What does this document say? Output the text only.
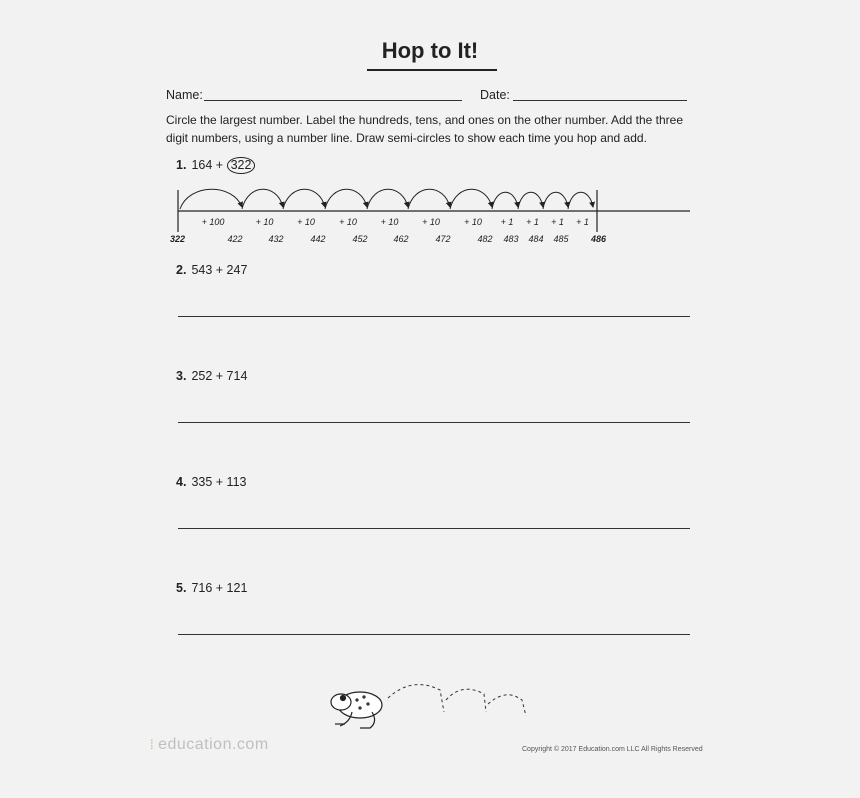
Hop to It!
Name:	Date:
Circle the largest number. Label the hundreds, tens, and ones on the other number. Add the three digit numbers, using a number line. Draw semi-circles to show each time you hop and add.
1. 164 + 322
+ 100	+ 10	+ 10	+ 10	+ 10	+ 10	+ 10 + 1 + 1 + 1 + 1
422	432	442	452	462	472	482 483 484 485
322	486
2. 543 + 247
3. 252 + 714
4. 335 + 113
5. 716 + 121
⁞ education.com	Copyright © 2017 Education.com LLC All Rights Reserved
